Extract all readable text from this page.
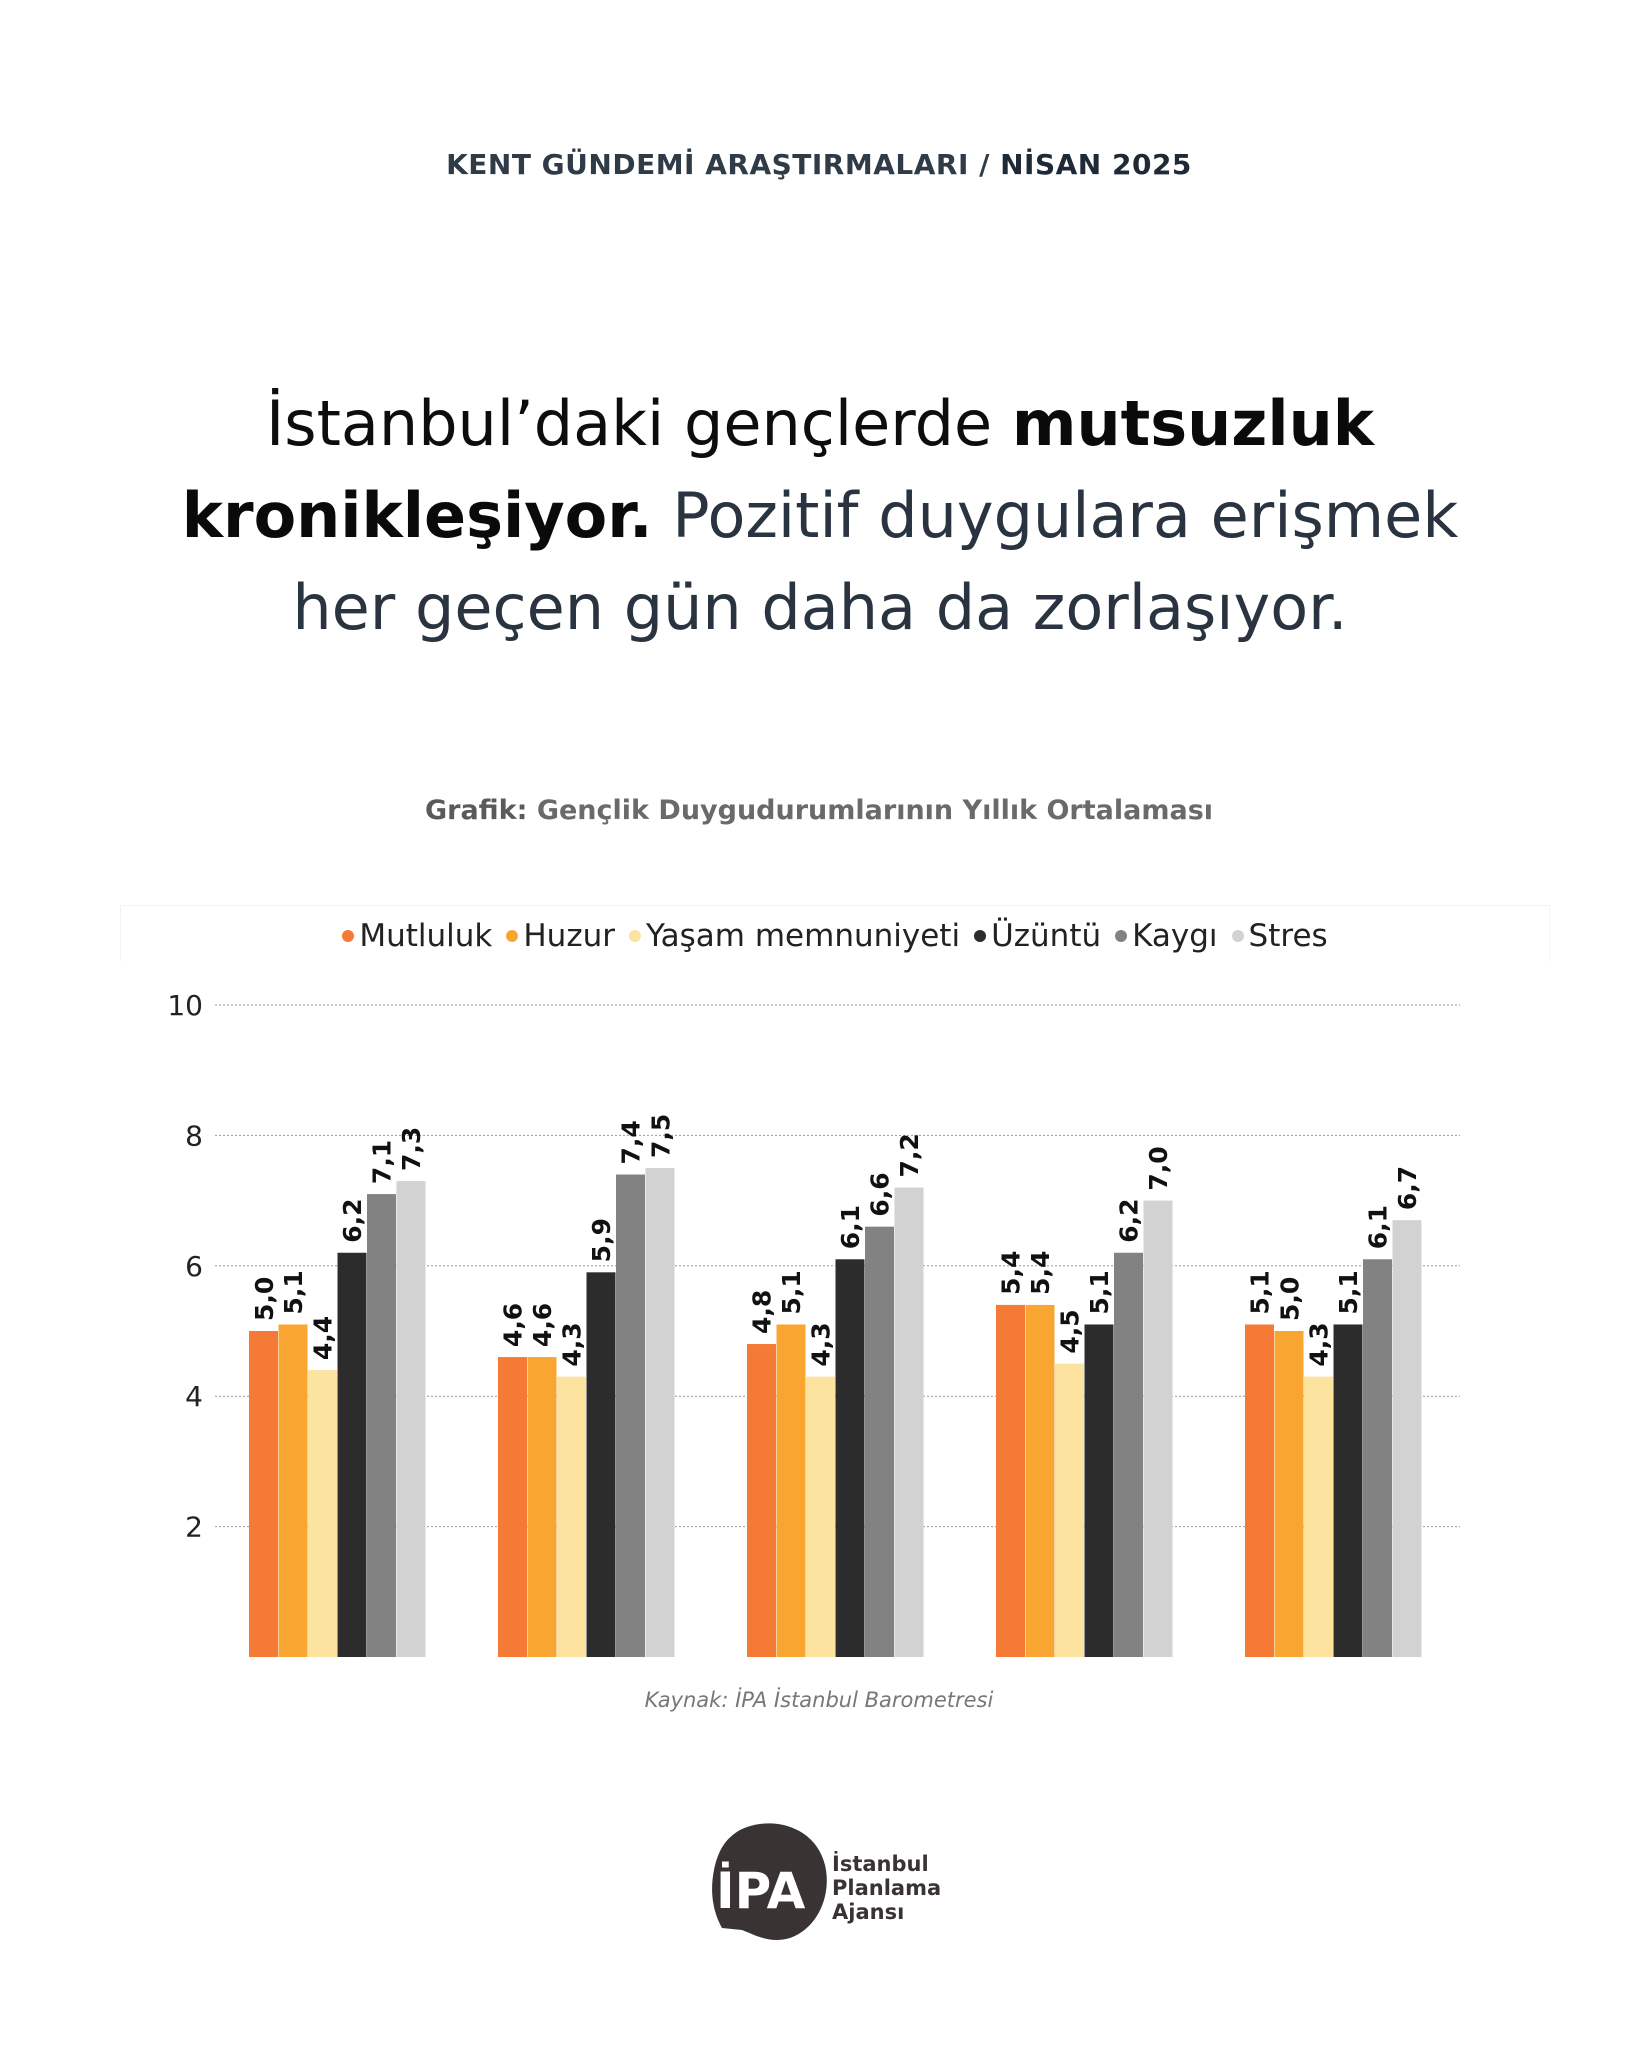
KENT GÜNDEMİ ARAŞTIRMALARI / NİSAN 2025
İstanbul’daki gençlerde mutsuzluk
kronikleşiyor. Pozitif duygulara erişmek
her geçen gün daha da zorlaşıyor.
Grafik: Gençlik Duygudurumlarının Yıllık Ortalaması
Mutluluk Huzur Yaşam memnuniyeti Üzüntü Kaygı Stres
2
4
6
8
10
5,0 5,1
4,4
6,2
7,1 7,3
4,6 4,6 4,3
5,9
7,4 7,5
4,8 5,1
4,3
6,1
6,6
7,2
5,4 5,4
4,5
5,1
6,2
7,0
5,1 5,0
4,3
5,1
6,1
6,7
Kaynak: İPA İstanbul Barometresi
İPA İstanbul
Planlama
Ajansı
